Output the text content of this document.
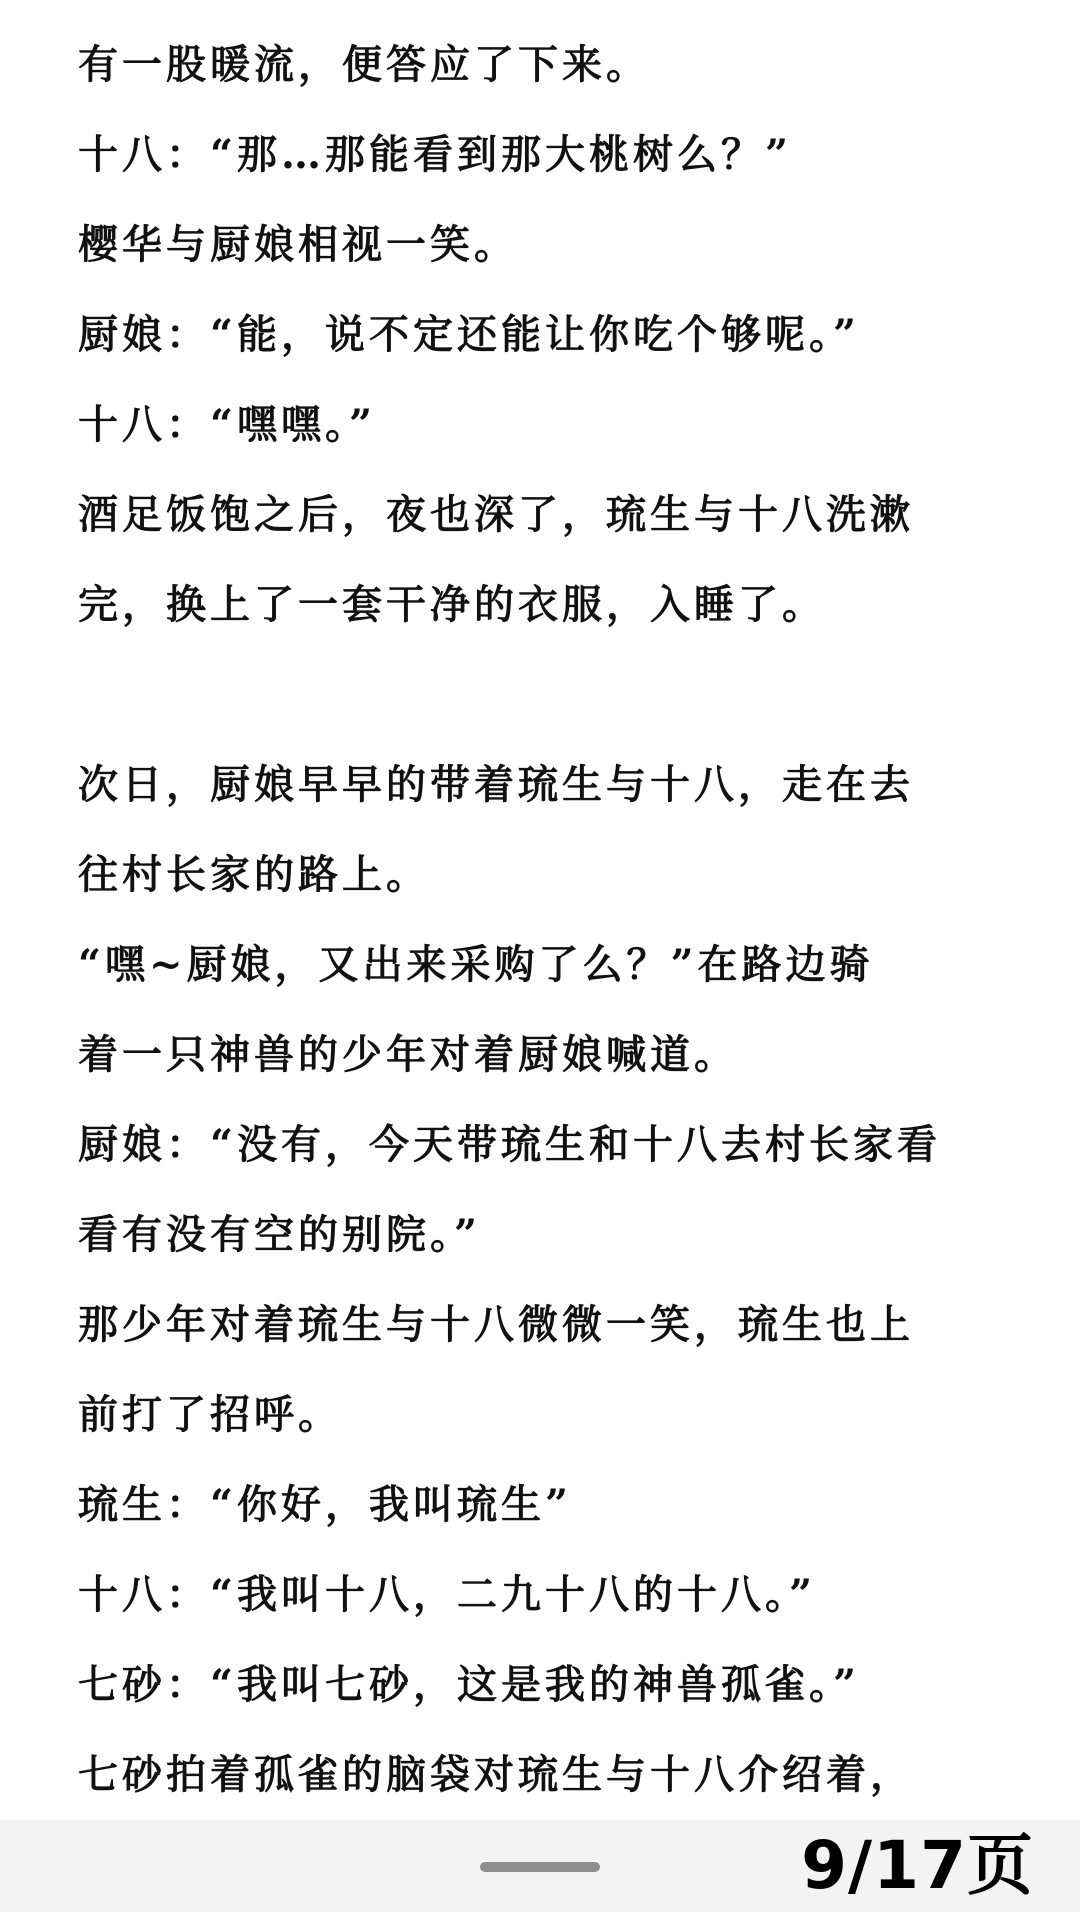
有一股暖流，便答应了下来。
十八：“那…那能看到那大桃树么？”
樱华与厨娘相视一笑。
厨娘：“能，说不定还能让你吃个够呢。”
十八：“嘿嘿。”
酒足饭饱之后，夜也深了，琉生与十八洗漱
完，换上了一套干净的衣服，入睡了。
次日，厨娘早早的带着琉生与十八，走在去
往村长家的路上。
“嘿~厨娘，又出来采购了么？”在路边骑
着一只神兽的少年对着厨娘喊道。
厨娘：“没有，今天带琉生和十八去村长家看
看有没有空的别院。”
那少年对着琉生与十八微微一笑，琉生也上
前打了招呼。
琉生：“你好，我叫琉生”
十八：“我叫十八，二九十八的十八。”
七砂：“我叫七砂，这是我的神兽孤雀。”
七砂拍着孤雀的脑袋对琉生与十八介绍着，
9/17页
